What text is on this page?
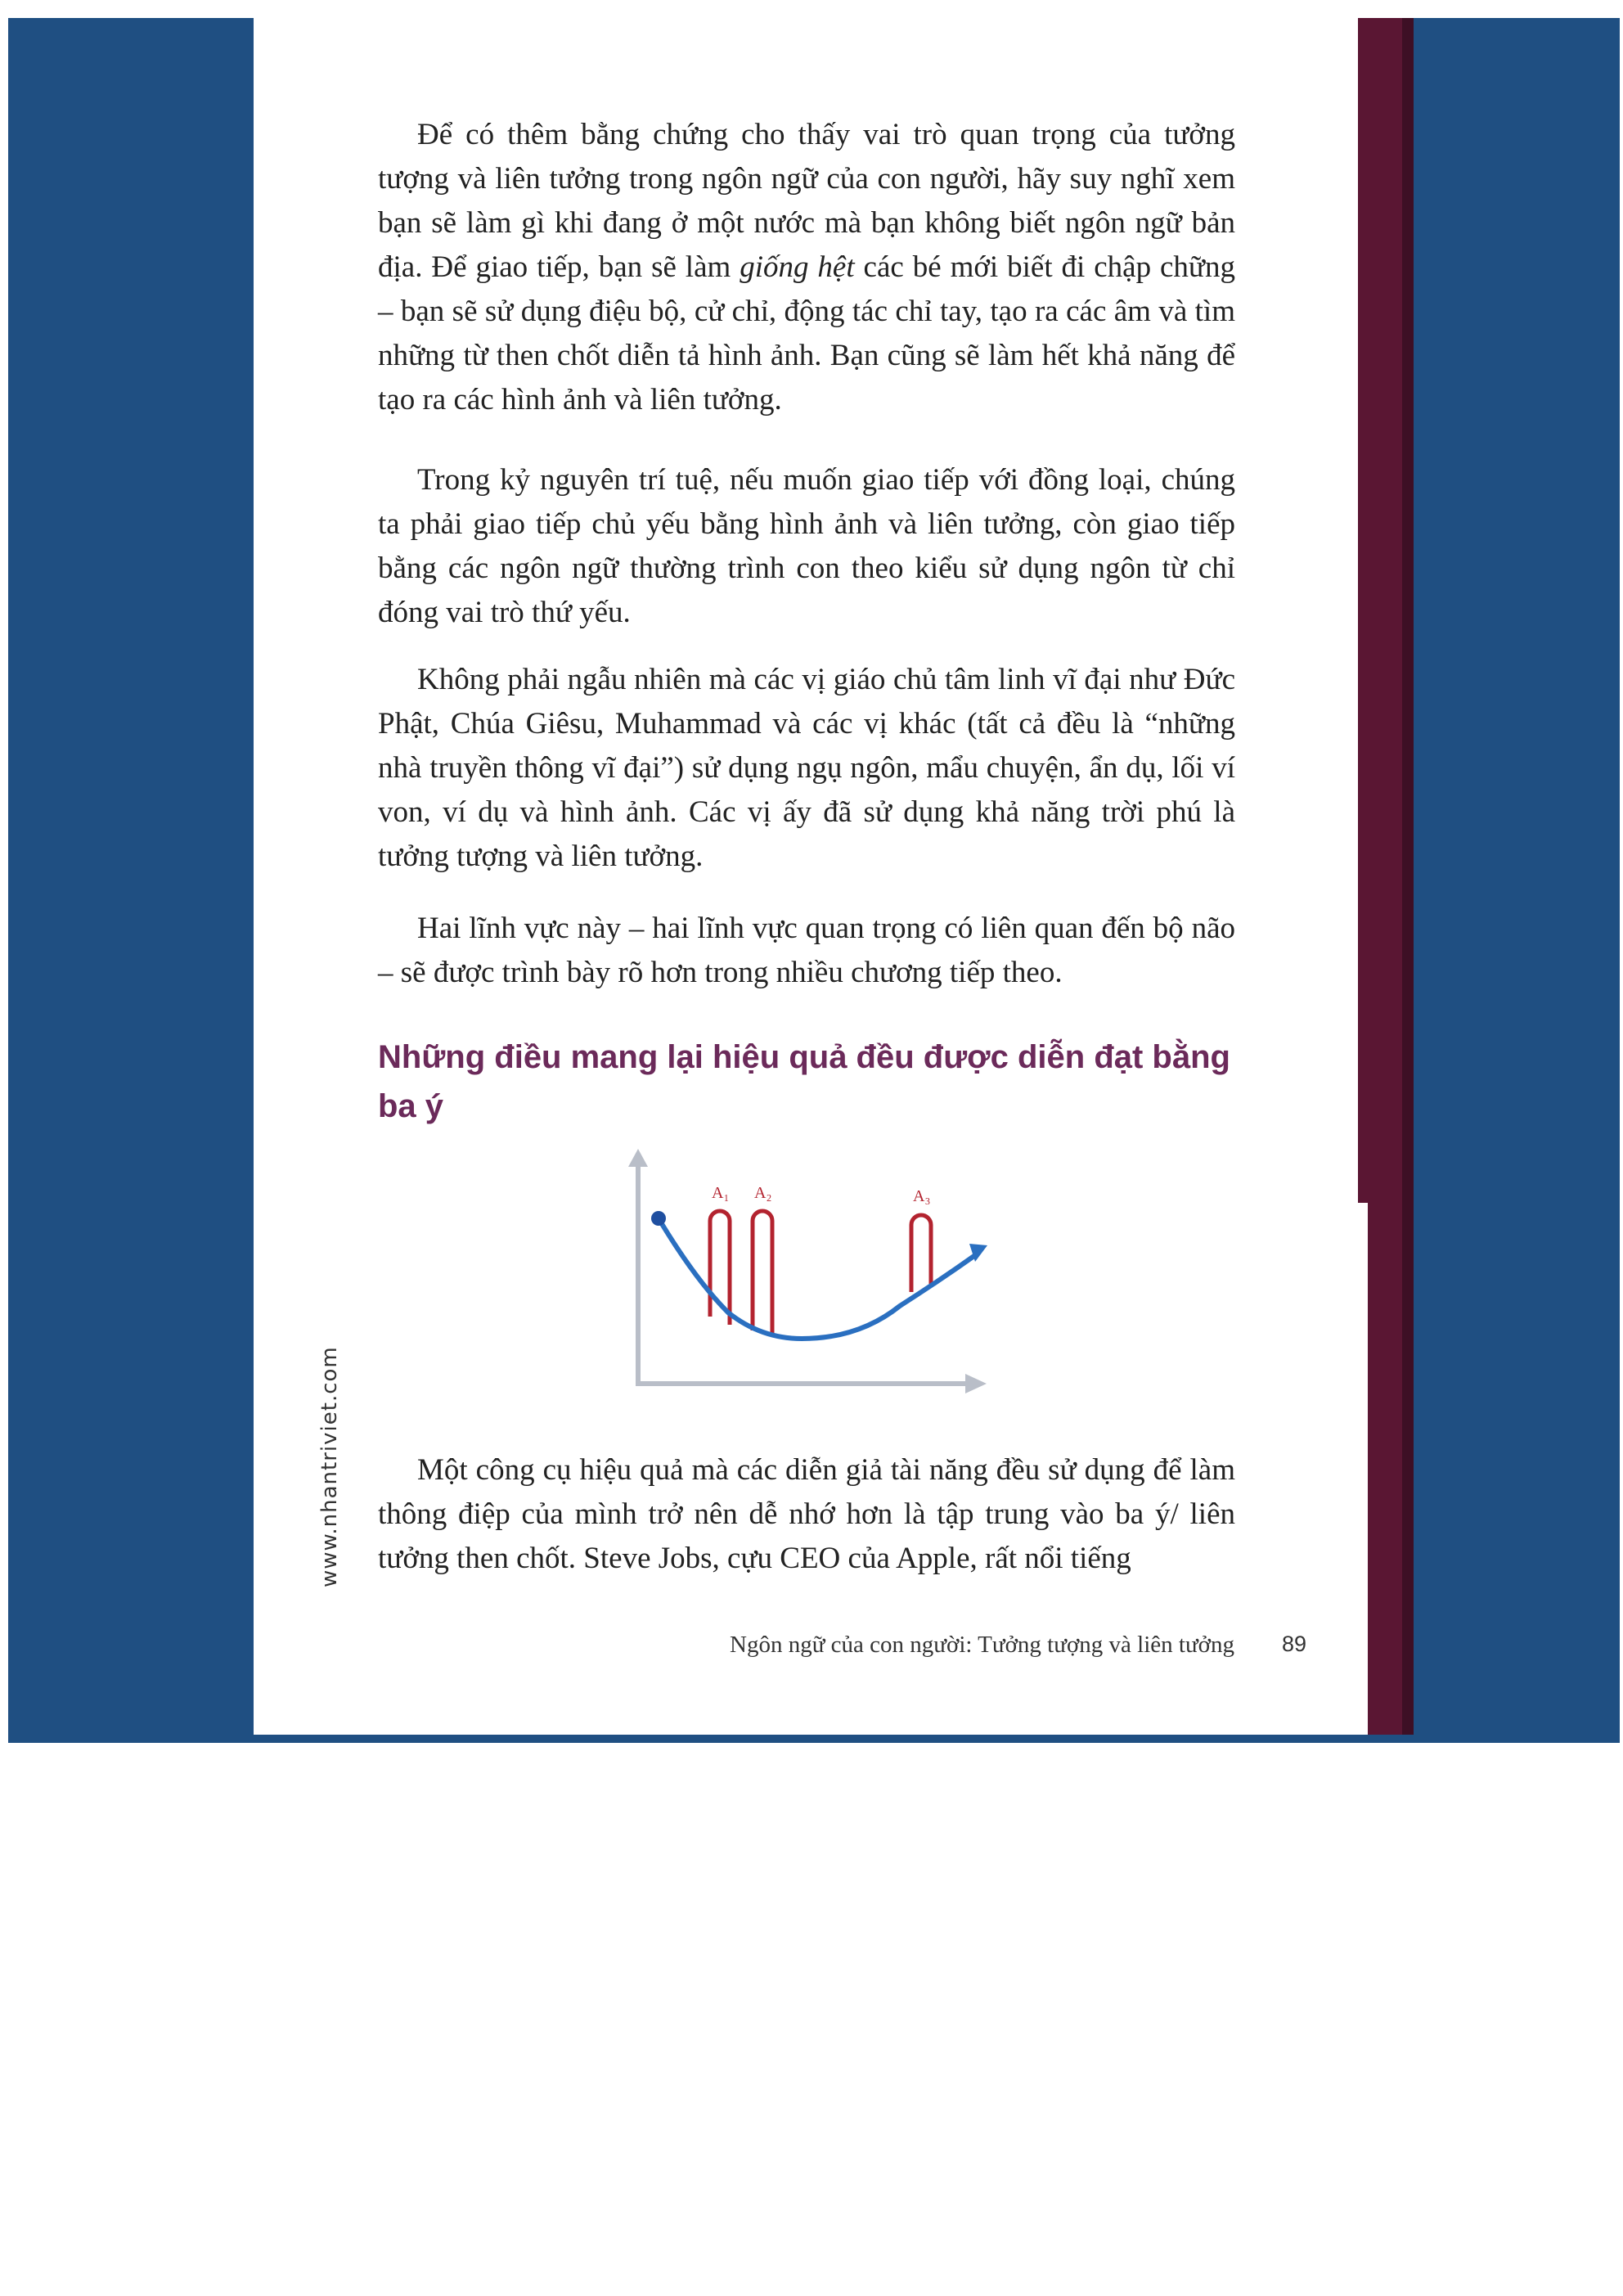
Để có thêm bằng chứng cho thấy vai trò quan trọng của tưởng tượng và liên tưởng trong ngôn ngữ của con người, hãy suy nghĩ xem bạn sẽ làm gì khi đang ở một nước mà bạn không biết ngôn ngữ bản địa. Để giao tiếp, bạn sẽ làm giống hệt các bé mới biết đi chập chững – bạn sẽ sử dụng điệu bộ, cử chỉ, động tác chỉ tay, tạo ra các âm và tìm những từ then chốt diễn tả hình ảnh. Bạn cũng sẽ làm hết khả năng để tạo ra các hình ảnh và liên tưởng.

Trong kỷ nguyên trí tuệ, nếu muốn giao tiếp với đồng loại, chúng ta phải giao tiếp chủ yếu bằng hình ảnh và liên tưởng, còn giao tiếp bằng các ngôn ngữ thường trình con theo kiểu sử dụng ngôn từ chỉ đóng vai trò thứ yếu.

Không phải ngẫu nhiên mà các vị giáo chủ tâm linh vĩ đại như Đức Phật, Chúa Giêsu, Muhammad và các vị khác (tất cả đều là “những nhà truyền thông vĩ đại”) sử dụng ngụ ngôn, mẩu chuyện, ẩn dụ, lối ví von, ví dụ và hình ảnh. Các vị ấy đã sử dụng khả năng trời phú là tưởng tượng và liên tưởng.

Hai lĩnh vực này – hai lĩnh vực quan trọng có liên quan đến bộ não – sẽ được trình bày rõ hơn trong nhiều chương tiếp theo.

Những điều mang lại hiệu quả đều được diễn đạt bằng ba ý
A₁ A₂	A₃

Một công cụ hiệu quả mà các diễn giả tài năng đều sử dụng để làm thông điệp của mình trở nên dễ nhớ hơn là tập trung vào ba ý/ liên tưởng then chốt. Steve Jobs, cựu CEO của Apple, rất nổi tiếng

www.nhantriviet.com
Ngôn ngữ của con người: Tưởng tượng và liên tưởng 89
